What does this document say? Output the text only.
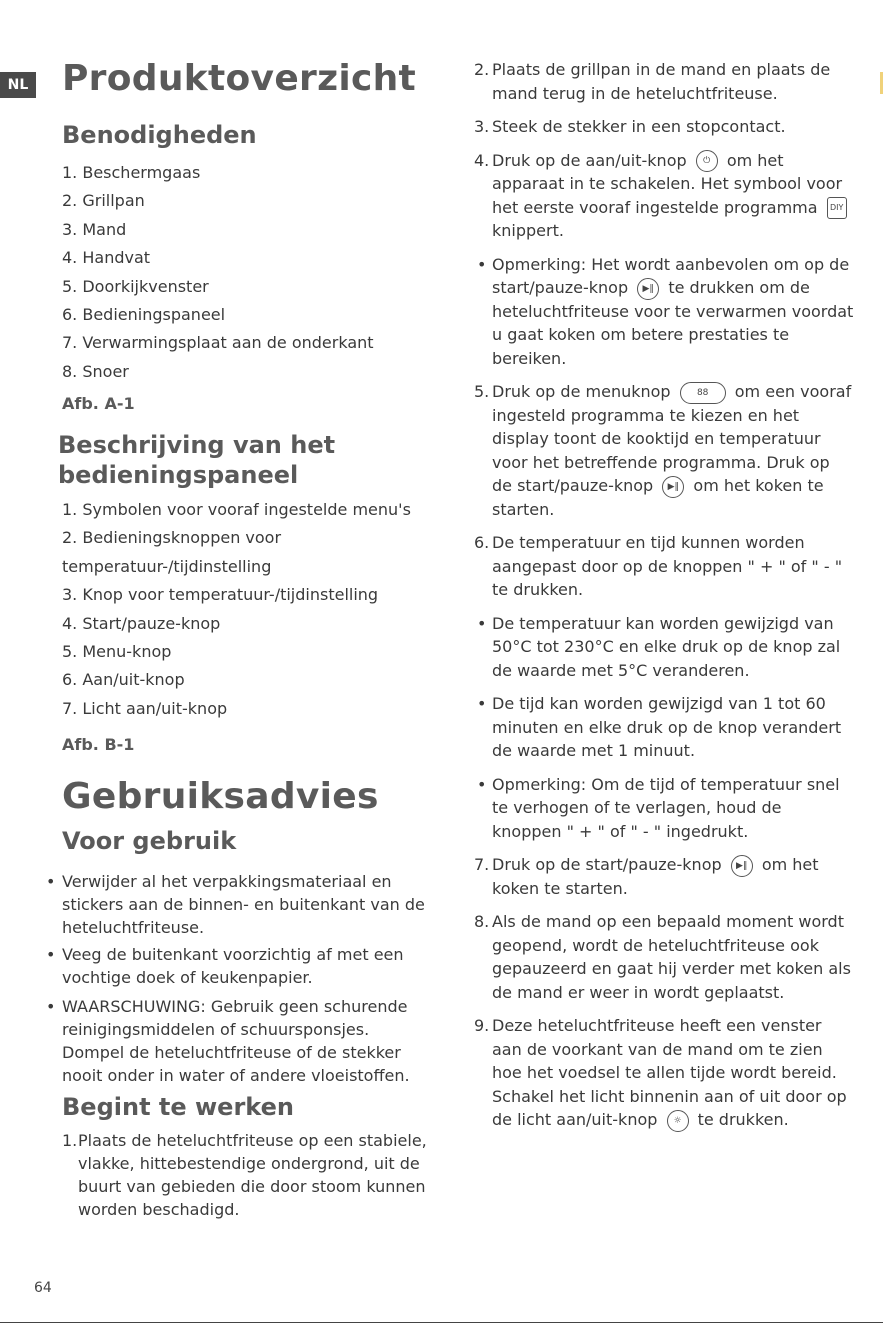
NL Produktoverzicht
Benodigheden
1. Beschermgaas
2. Grillpan
3. Mand
4. Handvat
5. Doorkijkvenster
6. Bedieningspaneel
7. Verwarmingsplaat aan de onderkant
8. Snoer
Afb. A-1
Beschrijving van het
bedieningspaneel
1. Symbolen voor vooraf ingestelde menu's
2. Bedieningsknoppen voor
temperatuur-/tijdinstelling
3. Knop voor temperatuur-/tijdinstelling
4. Start/pauze-knop
5. Menu-knop
6. Aan/uit-knop
7. Licht aan/uit-knop
Afb. B-1
Gebruiksadvies
Voor gebruik
• Verwijder al het verpakkingsmateriaal en stickers aan de binnen- en buitenkant van de heteluchtfriteuse.
• Veeg de buitenkant voorzichtig af met een vochtige doek of keukenpapier.
• WAARSCHUWING: Gebruik geen schurende reinigingsmiddelen of schuursponsjes. Dompel de heteluchtfriteuse of de stekker nooit onder in water of andere vloeistoffen.
Begint te werken
1. Plaats de heteluchtfriteuse op een stabiele, vlakke, hittebestendige ondergrond, uit de buurt van gebieden die door stoom kunnen worden beschadigd.

2. Plaats de grillpan in de mand en plaats de mand terug in de heteluchtfriteuse.

3. Steek de stekker in een stopcontact.

4. Druk op de aan/uit-knop ⏻ om het apparaat in te schakelen. Het symbool voor het eerste vooraf ingestelde programma DIY knippert.

• Opmerking: Het wordt aanbevolen om op de start/pauze-knop ▶‖ te drukken om de heteluchtfriteuse voor te verwarmen voordat u gaat koken om betere prestaties te bereiken.

5. Druk op de menuknop	88 om een vooraf ingesteld programma te kiezen en het display toont de kooktijd en temperatuur voor het betreffende programma. Druk op de start/pauze-knop ▶‖ om het koken te starten.

6. De temperatuur en tijd kunnen worden aangepast door op de knoppen " + " of " - " te drukken.

• De temperatuur kan worden gewijzigd van 50°C tot 230°C en elke druk op de knop zal de waarde met 5°C veranderen.

• De tijd kan worden gewijzigd van 1 tot 60 minuten en elke druk op de knop verandert de waarde met 1 minuut.

• Opmerking: Om de tijd of temperatuur snel te verhogen of te verlagen, houd de knoppen " + " of " - " ingedrukt.

7. Druk op de start/pauze-knop ▶‖ om het koken te starten.

8. Als de mand op een bepaald moment wordt geopend, wordt de heteluchtfriteuse ook gepauzeerd en gaat hij verder met koken als de mand er weer in wordt geplaatst.

9. Deze heteluchtfriteuse heeft een venster aan de voorkant van de mand om te zien hoe het voedsel te allen tijde wordt bereid. Schakel het licht binnenin aan of uit door op de licht aan/uit-knop ☼ te drukken.

64
